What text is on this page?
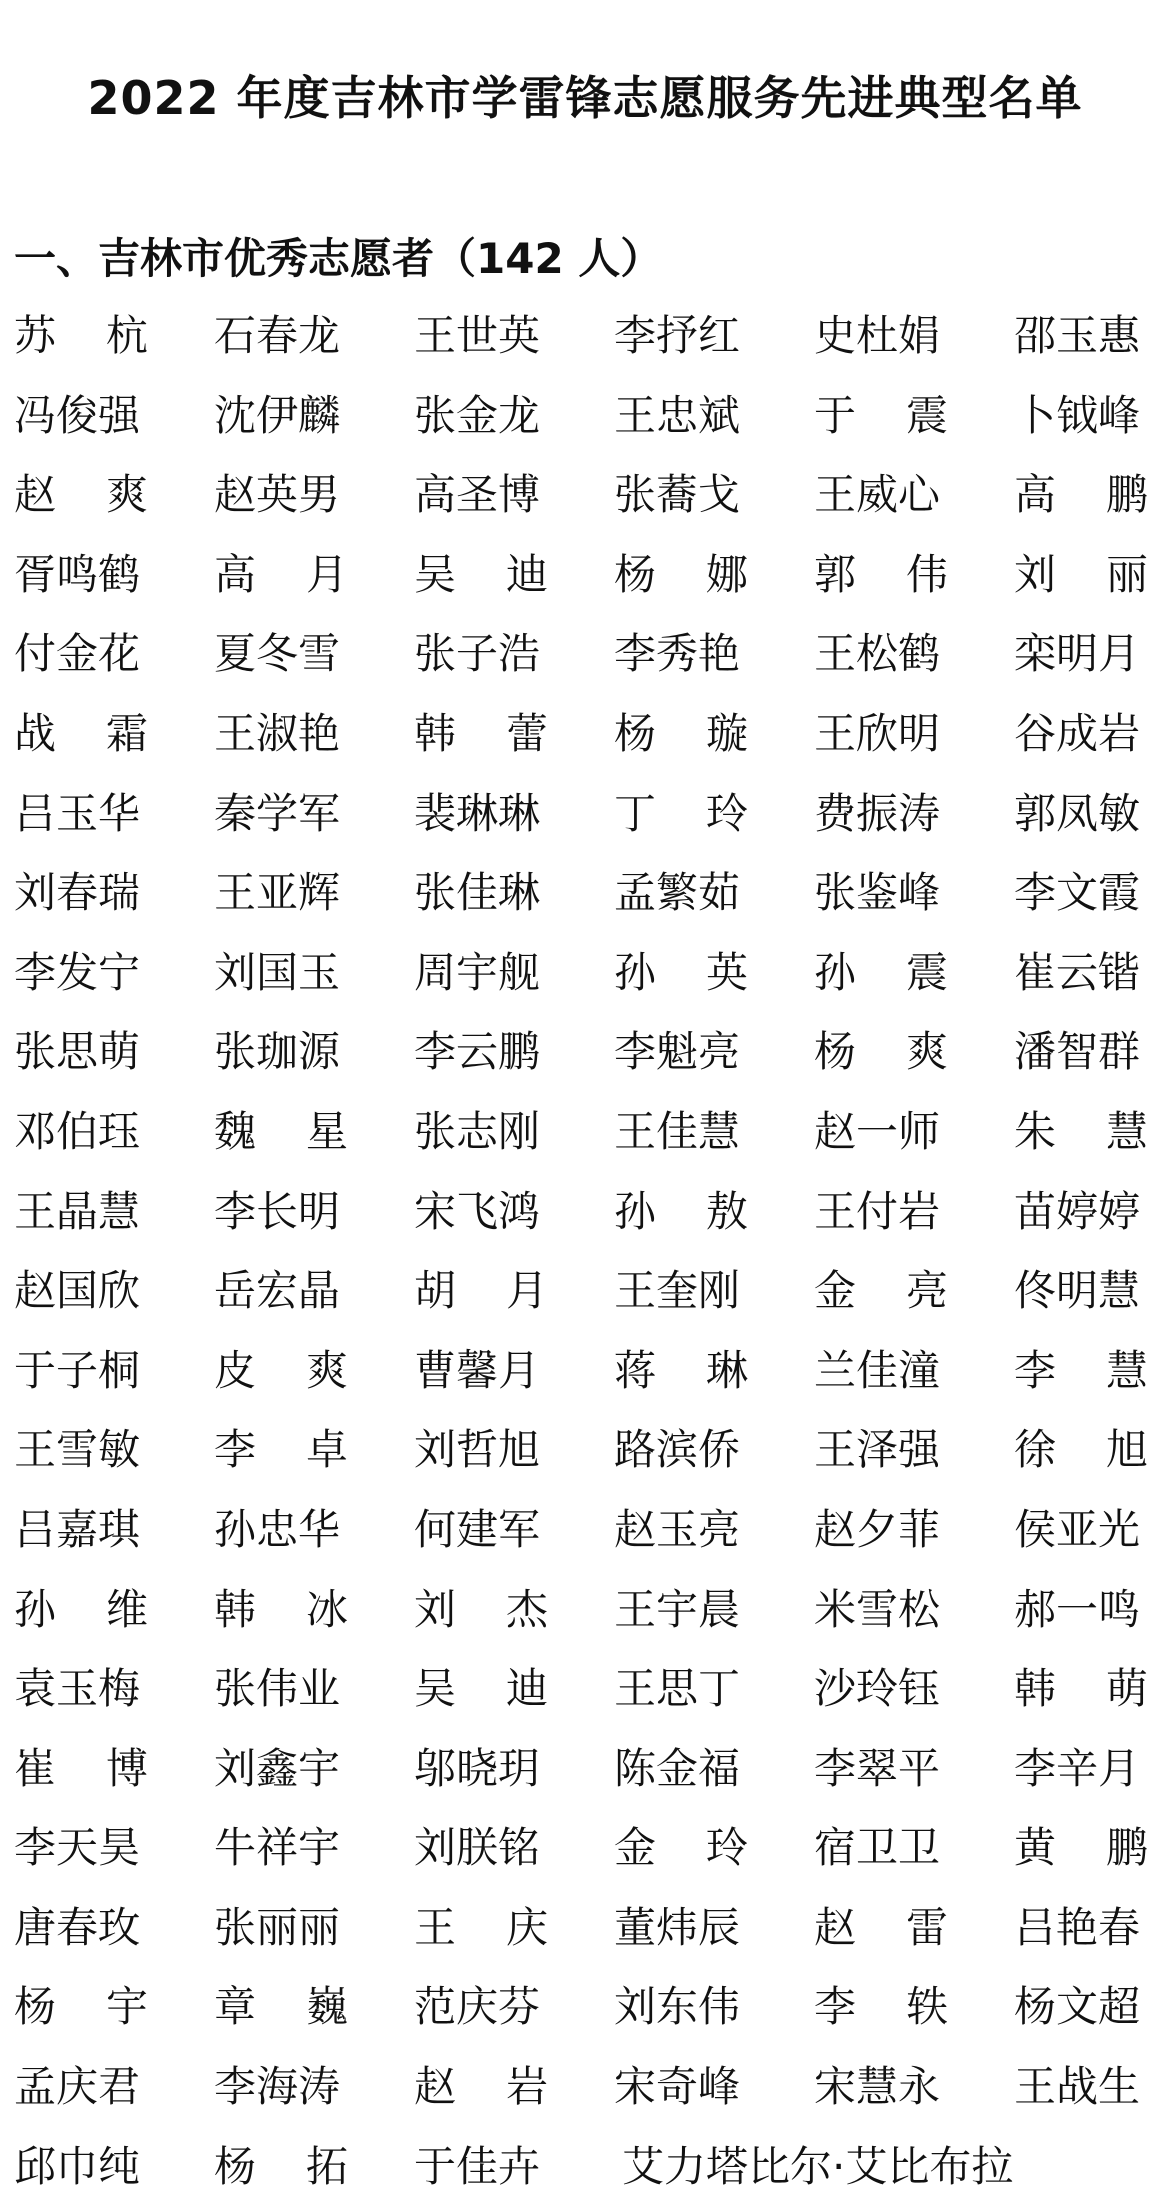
2022 年度吉林市学雷锋志愿服务先进典型名单
一、吉林市优秀志愿者（142 人）
苏 杭 石春龙 王世英 李抒红 史杜娟 邵玉惠
冯俊强 沈伊麟 张金龙 王忠斌 于 震 卜钺峰
赵 爽 赵英男 高圣博 张蕎戈 王威心 高 鹏
胥鸣鹤 高 月 吴 迪 杨 娜 郭 伟 刘 丽
付金花 夏冬雪 张子浩 李秀艳 王松鹤 栾明月
战 霜 王淑艳 韩 蕾 杨 璇 王欣明 谷成岩
吕玉华 秦学军 裴琳琳 丁 玲 费振涛 郭凤敏
刘春瑞 王亚辉 张佳琳 孟繁茹 张鉴峰 李文霞
李发宁 刘国玉 周宇舰 孙 英 孙 震 崔云锴
张思萌 张珈源 李云鹏 李魁亮 杨 爽 潘智群
邓伯珏 魏 星 张志刚 王佳慧 赵一师 朱 慧
王晶慧 李长明 宋飞鸿 孙 敖 王付岩 苗婷婷
赵国欣 岳宏晶 胡 月 王奎刚 金 亮 佟明慧
于子桐 皮 爽 曹馨月 蒋 琳 兰佳潼 李 慧
王雪敏 李 卓 刘哲旭 路滨侨 王泽强 徐 旭
吕嘉琪 孙忠华 何建军 赵玉亮 赵夕菲 侯亚光
孙 维 韩 冰 刘 杰 王宇晨 米雪松 郝一鸣
袁玉梅 张伟业 吴 迪 王思丁 沙玲钰 韩 萌
崔 博 刘鑫宇 邬晓玥 陈金福 李翠平 李辛月
李天昊 牛祥宇 刘朕铭 金 玲 宿卫卫 黄 鹏
唐春玫 张丽丽 王 庆 董炜辰 赵 雷 吕艳春
杨 宇 章 巍 范庆芬 刘东伟 李 轶 杨文超
孟庆君 李海涛 赵 岩 宋奇峰 宋慧永 王战生
邱巾纯 杨 拓 于佳卉 艾力塔比尔·艾比布拉
